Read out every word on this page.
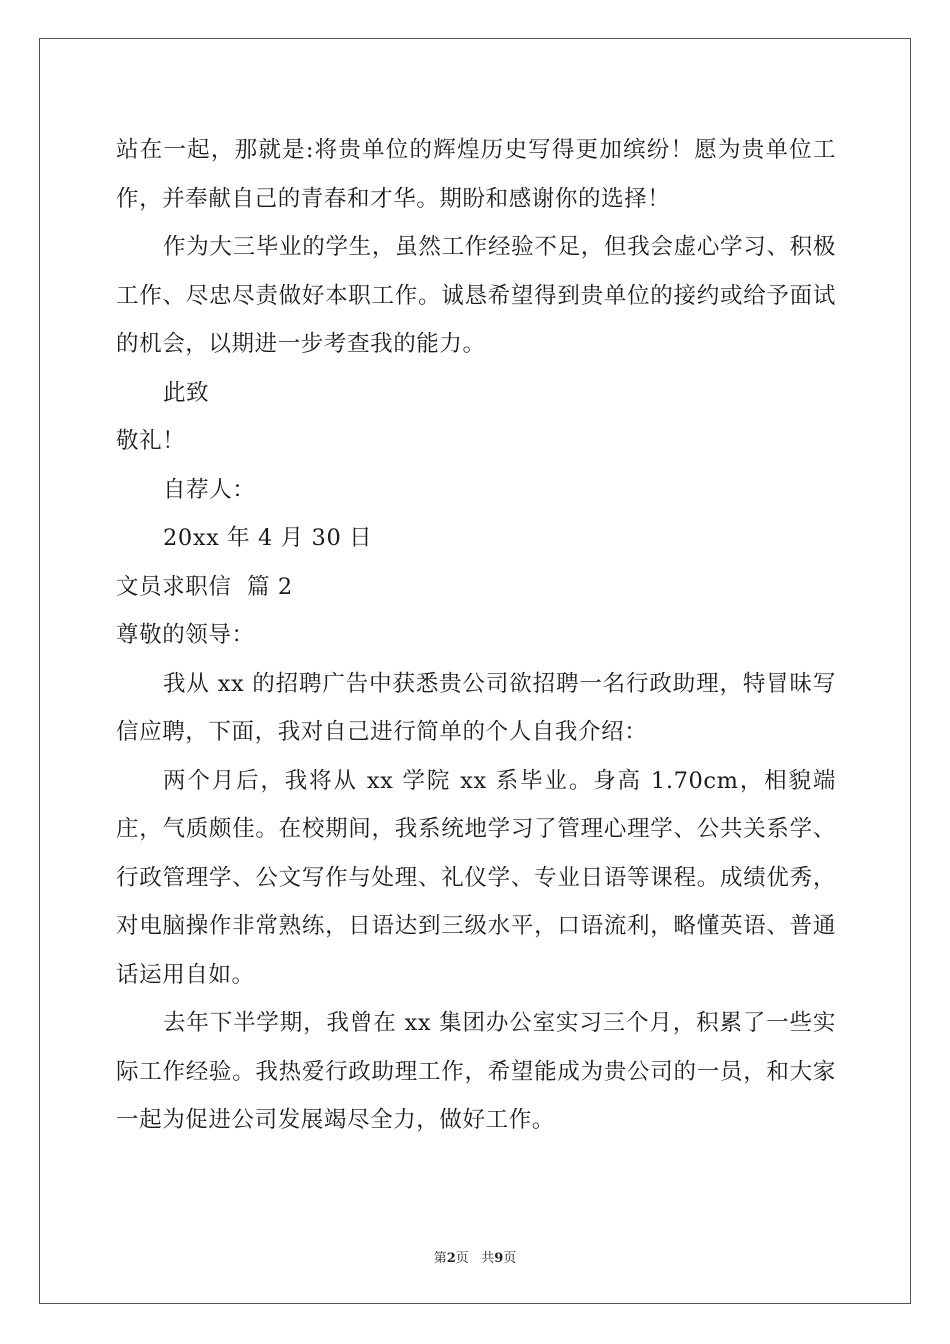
站在一起，那就是:将贵单位的辉煌历史写得更加缤纷！愿为贵单位工作，并奉献自己的青春和才华。期盼和感谢你的选择！

作为大三毕业的学生，虽然工作经验不足，但我会虚心学习、积极工作、尽忠尽责做好本职工作。诚恳希望得到贵单位的接约或给予面试的机会，以期进一步考查我的能力。

此致

敬礼！

自荐人：

20xx 年 4 月 30 日

文员求职信  篇 2

尊敬的领导：

我从 xx 的招聘广告中获悉贵公司欲招聘一名行政助理，特冒昧写信应聘，下面，我对自己进行简单的个人自我介绍：

两个月后，我将从 xx 学院 xx 系毕业。身高 1.70cm，相貌端庄，气质颇佳。在校期间，我系统地学习了管理心理学、公共关系学、行政管理学、公文写作与处理、礼仪学、专业日语等课程。成绩优秀，对电脑操作非常熟练，日语达到三级水平，口语流利，略懂英语、普通话运用自如。

去年下半学期，我曾在 xx 集团办公室实习三个月，积累了一些实际工作经验。我热爱行政助理工作，希望能成为贵公司的一员，和大家一起为促进公司发展竭尽全力，做好工作。

第2页 共9页
